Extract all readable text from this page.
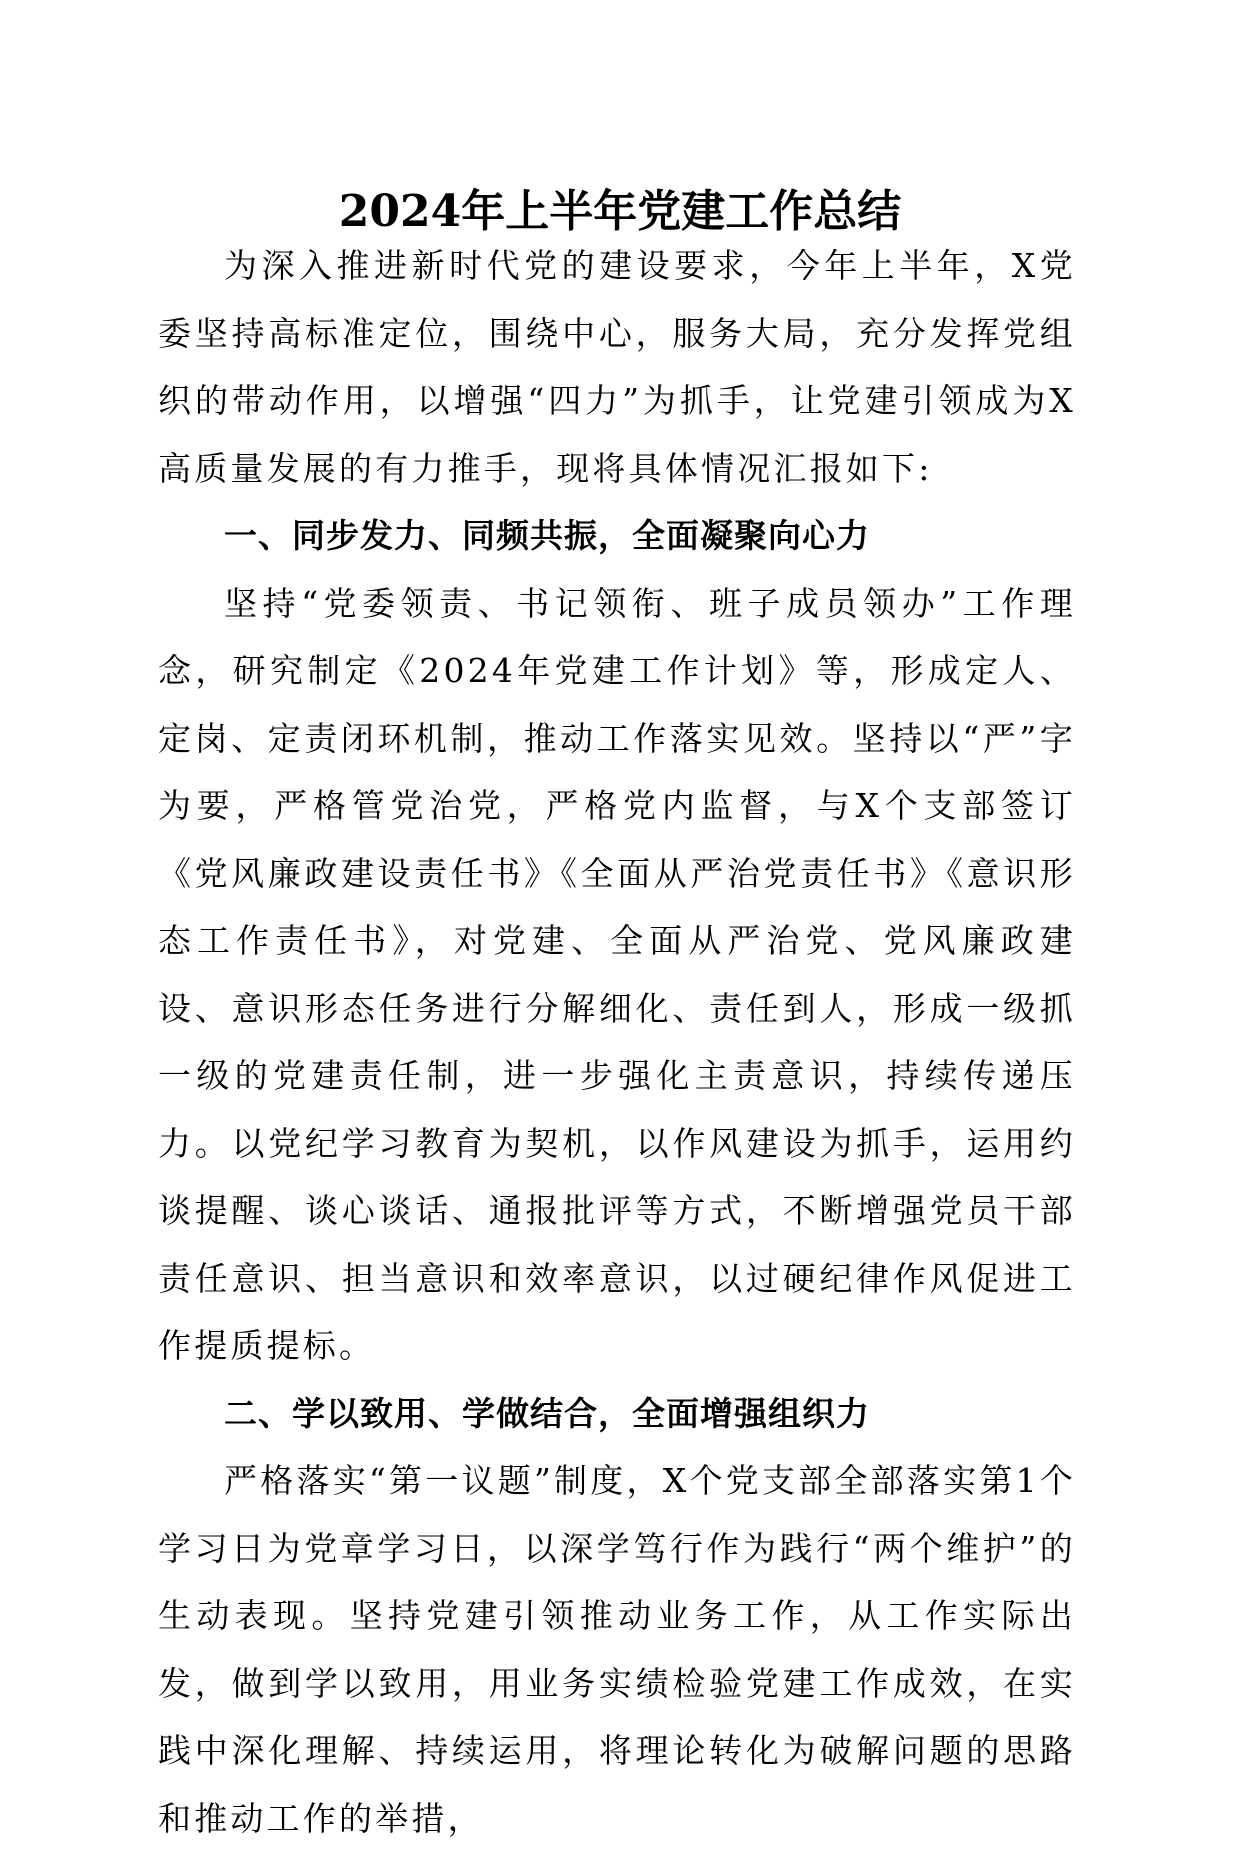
2024年上半年党建工作总结

为深入推进新时代党的建设要求，今年上半年，X党委坚持高标准定位，围绕中心，服务大局，充分发挥党组织的带动作用，以增强“四力”为抓手，让党建引领成为X高质量发展的有力推手，现将具体情况汇报如下:

一、同步发力、同频共振，全面凝聚向心力

坚持“党委领责、书记领衔、班子成员领办”工作理念，研究制定《2024年党建工作计划》等，形成定人、定岗、定责闭环机制，推动工作落实见效。坚持以“严”字为要，严格管党治党，严格党内监督，与X个支部签订《党风廉政建设责任书》《全面从严治党责任书》《意识形态工作责任书》，对党建、全面从严治党、党风廉政建设、意识形态任务进行分解细化、责任到人，形成一级抓一级的党建责任制，进一步强化主责意识，持续传递压力。以党纪学习教育为契机，以作风建设为抓手，运用约谈提醒、谈心谈话、通报批评等方式，不断增强党员干部责任意识、担当意识和效率意识，以过硬纪律作风促进工作提质提标。

二、学以致用、学做结合，全面增强组织力

严格落实“第一议题”制度，X个党支部全部落实第1个学习日为党章学习日，以深学笃行作为践行“两个维护”的生动表现。坚持党建引领推动业务工作，从工作实际出发，做到学以致用，用业务实绩检验党建工作成效，在实践中深化理解、持续运用，将理论转化为破解问题的思路和推动工作的举措，
